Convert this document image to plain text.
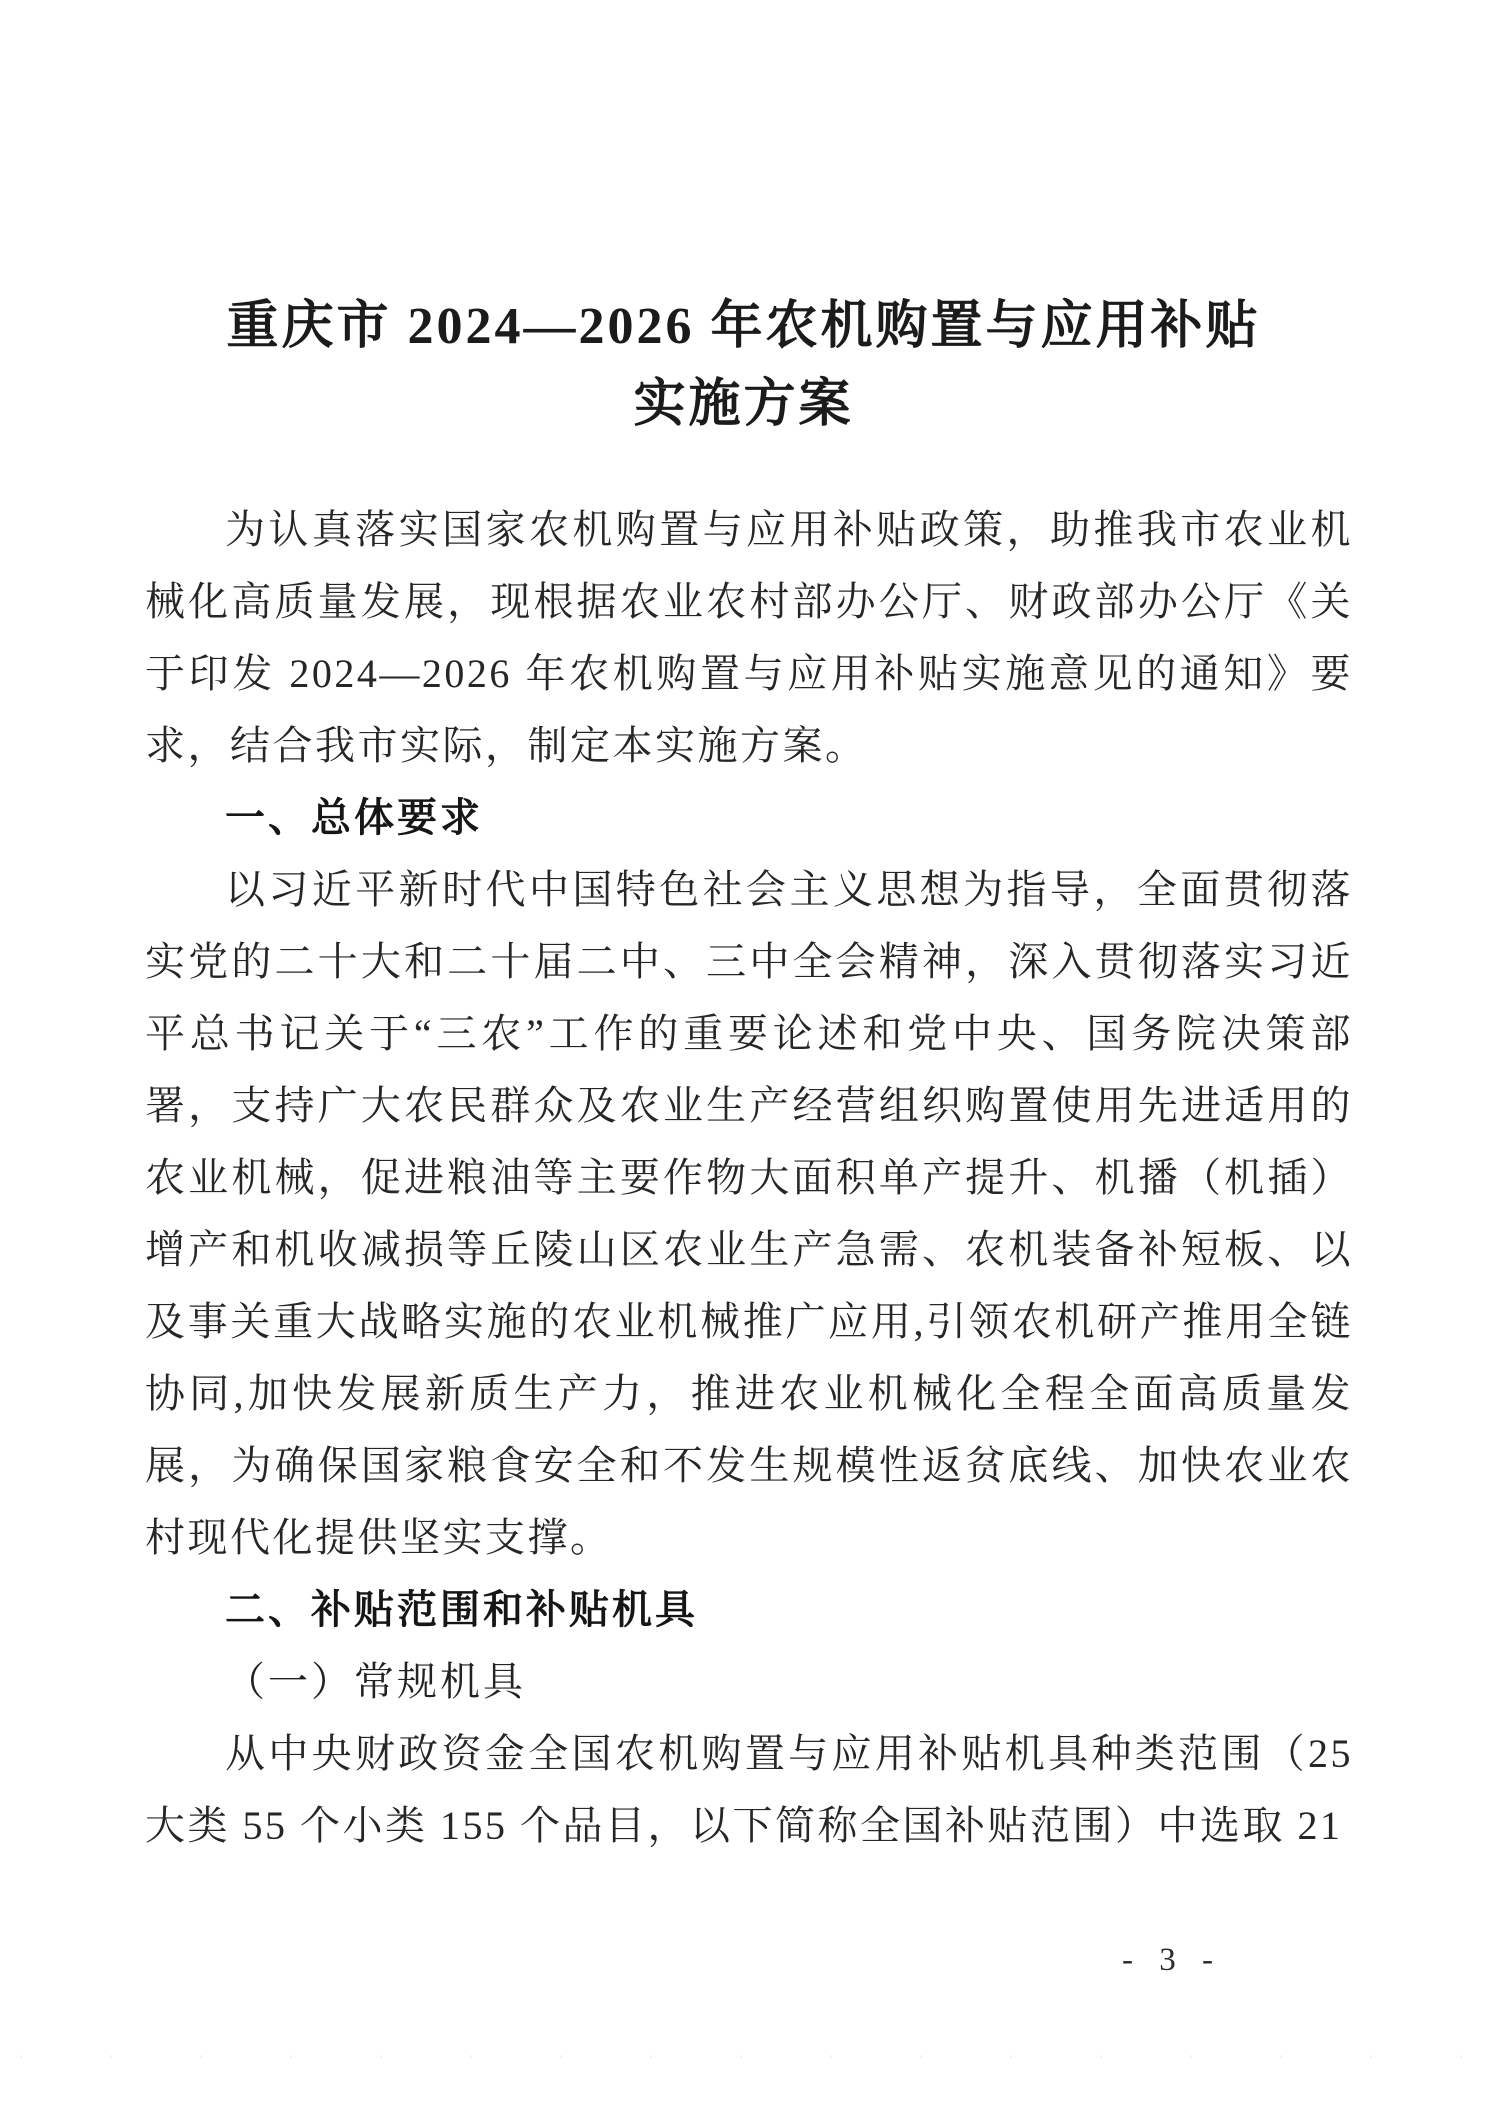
重庆市 2024—2026 年农机购置与应用补贴
实施方案

为认真落实国家农机购置与应用补贴政策，助推我市农业机械化高质量发展，现根据农业农村部办公厅、财政部办公厅《关于印发 2024—2026 年农机购置与应用补贴实施意见的通知》要求，结合我市实际，制定本实施方案。

一、总体要求

以习近平新时代中国特色社会主义思想为指导，全面贯彻落实党的二十大和二十届二中、三中全会精神，深入贯彻落实习近平总书记关于“三农”工作的重要论述和党中央、国务院决策部署，支持广大农民群众及农业生产经营组织购置使用先进适用的农业机械，促进粮油等主要作物大面积单产提升、机播（机插）增产和机收减损等丘陵山区农业生产急需、农机装备补短板、以及事关重大战略实施的农业机械推广应用,引领农机研产推用全链协同,加快发展新质生产力，推进农业机械化全程全面高质量发展，为确保国家粮食安全和不发生规模性返贫底线、加快农业农村现代化提供坚实支撑。

二、补贴范围和补贴机具

（一）常规机具

从中央财政资金全国农机购置与应用补贴机具种类范围（25大类 55 个小类 155 个品目，以下简称全国补贴范围）中选取 21

- 3 -
